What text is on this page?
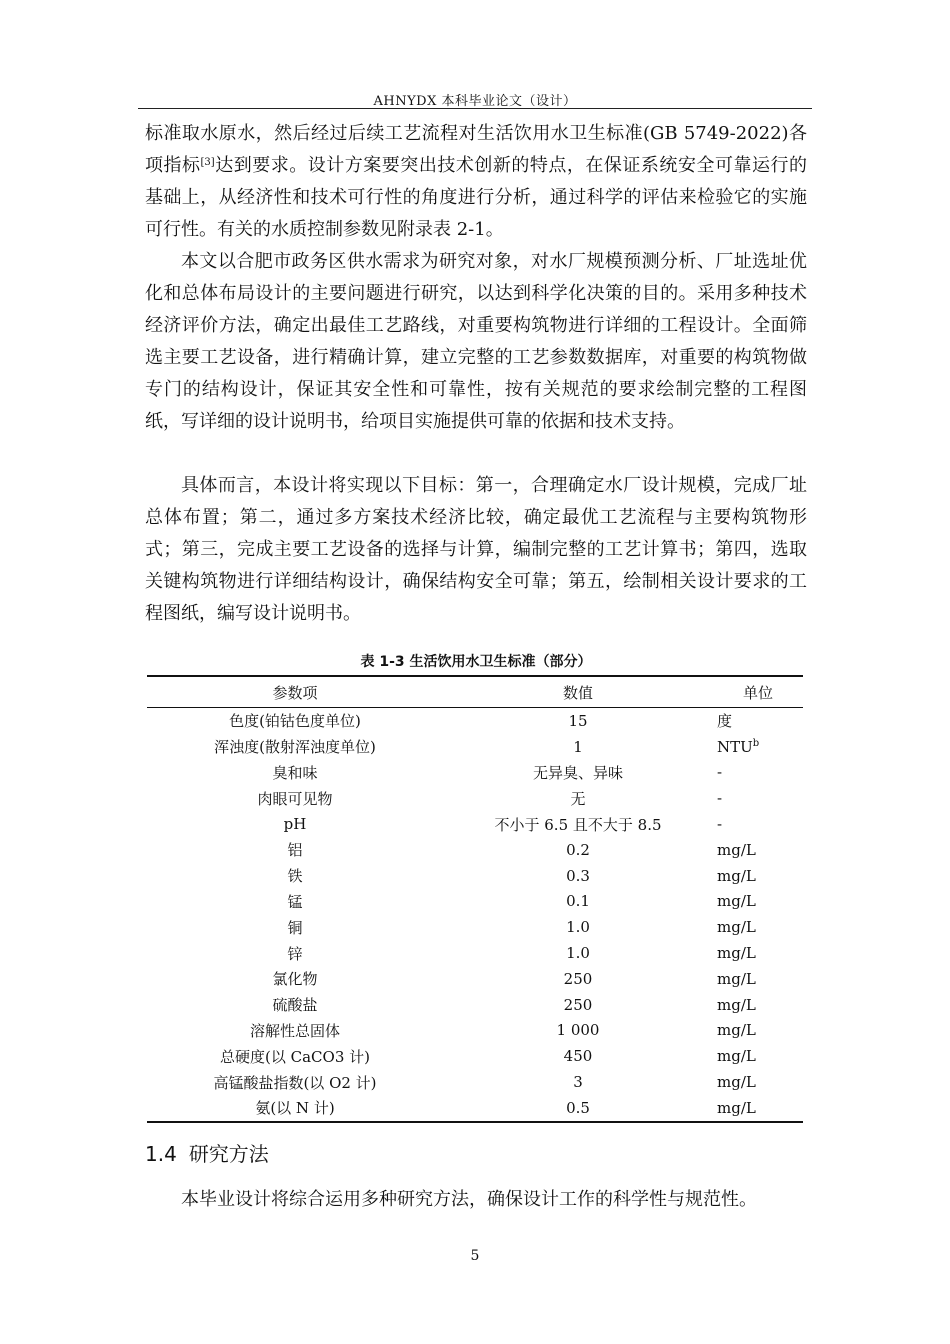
AHNYDX 本科毕业论文（设计）

标准取水原水，然后经过后续工艺流程对生活饮用水卫生标准(GB 5749-2022)各项指标[3]达到要求。设计方案要突出技术创新的特点，在保证系统安全可靠运行的基础上，从经济性和技术可行性的角度进行分析，通过科学的评估来检验它的实施可行性。有关的水质控制参数见附录表 2-1。

本文以合肥市政务区供水需求为研究对象，对水厂规模预测分析、厂址选址优化和总体布局设计的主要问题进行研究，以达到科学化决策的目的。采用多种技术经济评价方法，确定出最佳工艺路线，对重要构筑物进行详细的工程设计。全面筛选主要工艺设备，进行精确计算，建立完整的工艺参数数据库，对重要的构筑物做专门的结构设计，保证其安全性和可靠性，按有关规范的要求绘制完整的工程图纸，写详细的设计说明书，给项目实施提供可靠的依据和技术支持。

具体而言，本设计将实现以下目标：第一，合理确定水厂设计规模，完成厂址总体布置；第二，通过多方案技术经济比较，确定最优工艺流程与主要构筑物形式；第三，完成主要工艺设备的选择与计算，编制完整的工艺计算书；第四，选取关键构筑物进行详细结构设计，确保结构安全可靠；第五，绘制相关设计要求的工程图纸，编写设计说明书。

表 1-3 生活饮用水卫生标准（部分）
参数项	数值	单位
色度(铂钴色度单位)	15	度
浑浊度(散射浑浊度单位)	1	NTU$^b$
臭和味	无异臭、异味	-
肉眼可见物	无	-
pH	不小于 6.5 且不大于 8.5	-
铝	0.2	mg/L
铁	0.3	mg/L
锰	0.1	mg/L
铜	1.0	mg/L
锌	1.0	mg/L
氯化物	250	mg/L
硫酸盐	250	mg/L
溶解性总固体	1 000	mg/L
总硬度(以 CaCO3 计)	450	mg/L
高锰酸盐指数(以 O2 计)	3	mg/L
氨(以 N 计)	0.5	mg/L
1.4 研究方法
本毕业设计将综合运用多种研究方法，确保设计工作的科学性与规范性。
5
